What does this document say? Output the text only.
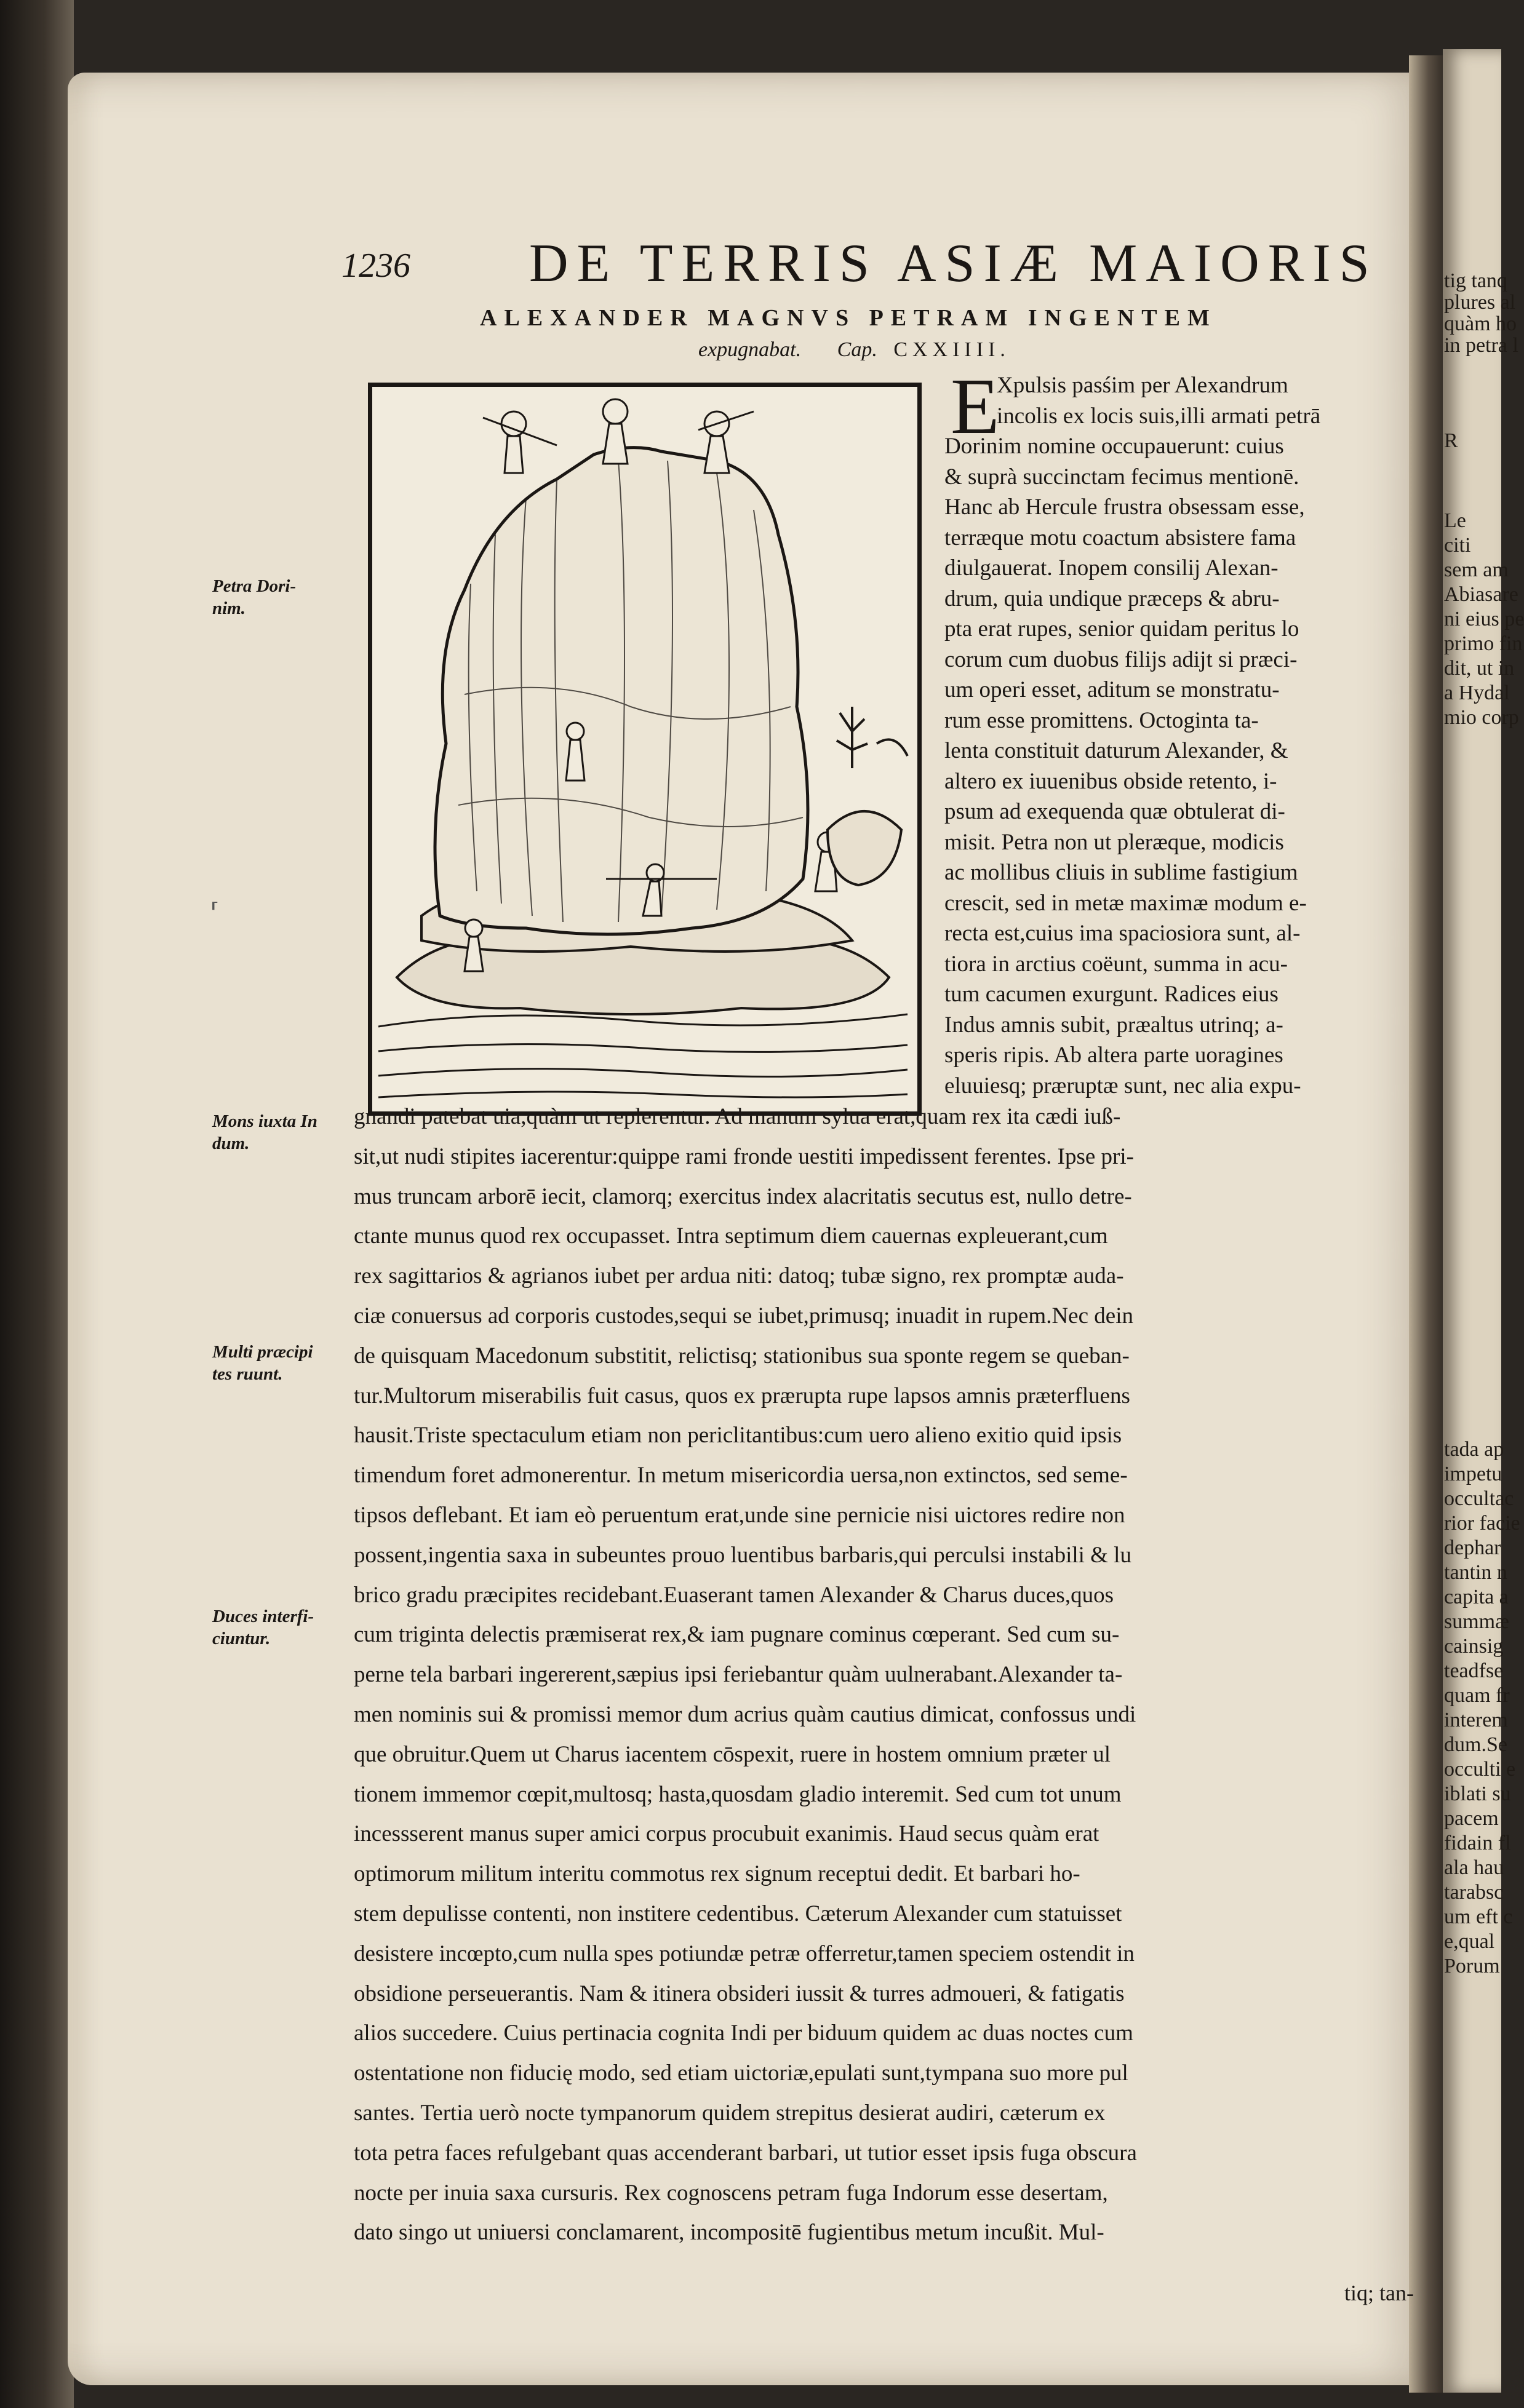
tig tanq
plures al
quàm ho
in petra l
R
Le
citi
sem am
Abiasare
ni eius pe
primo fin
dit, ut in
a Hydal
mio corp
tada ap
impetu
occultac
rior facie
dephar
tantin n
capita a
summæ
cainsig
teadfse
quam fr
interem
dum.Se
occulti e
iblati su
pacem
fidain fl
ala hau
tarabsc
um eft c
e,qual
Porum
1236 DE TERRIS ASIÆ MAIORIS
ALEXANDER MAGNVS PETRAM INGENTEM
expugnabat. Cap. CXXIIII.
E
Xpulsis pasśim per Alexandrum
incolis ex locis suis,illi armati petrā
Dorinim nomine occupauerunt: cuius
& suprà succinctam fecimus mentionē.
Hanc ab Hercule frustra obsessam esse,
terræque motu coactum absistere fama
diulgauerat. Inopem consilij Alexan-
drum, quia undique præceps & abru-
pta erat rupes, senior quidam peritus lo
corum cum duobus filijs adijt si præci-
um operi esset, aditum se monstratu-
rum esse promittens. Octoginta ta-
lenta constituit daturum Alexander, &
altero ex iuuenibus obside retento, i-
psum ad exequenda quæ obtulerat di-
misit. Petra non ut pleræque, modicis
ac mollibus cliuis in sublime fastigium
crescit, sed in metæ maximæ modum e-
recta est,cuius ima spaciosiora sunt, al-
tiora in arctius coëunt, summa in acu-
tum cacumen exurgunt. Radices eius
Indus amnis subit, præaltus utrinq; a-
speris ripis. Ab altera parte uoragines
eluuiesq; præruptæ sunt, nec alia expu-
gnandi patebat uia,quàm ut replerentur. Ad manum sylua erat,quam rex ita cædi iuß-
sit,ut nudi stipites iacerentur:quippe rami fronde uestiti impedissent ferentes. Ipse pri-
mus truncam arborē iecit, clamorq; exercitus index alacritatis secutus est, nullo detre-
ctante munus quod rex occupasset. Intra septimum diem cauernas expleuerant,cum
rex sagittarios & agrianos iubet per ardua niti: datoq; tubæ signo, rex promptæ auda-
ciæ conuersus ad corporis custodes,sequi se iubet,primusq; inuadit in rupem.Nec dein
de quisquam Macedonum substitit, relictisq; stationibus sua sponte regem se queban-
tur.Multorum miserabilis fuit casus, quos ex prærupta rupe lapsos amnis præterfluens
hausit.Triste spectaculum etiam non periclitantibus:cum uero alieno exitio quid ipsis
timendum foret admonerentur. In metum misericordia uersa,non extinctos, sed seme-
tipsos deflebant. Et iam eò peruentum erat,unde sine pernicie nisi uictores redire non
possent,ingentia saxa in subeuntes prouo luentibus barbaris,qui perculsi instabili & lu
brico gradu præcipites recidebant.Euaserant tamen Alexander & Charus duces,quos
cum triginta delectis præmiserat rex,& iam pugnare cominus cœperant. Sed cum su-
perne tela barbari ingererent,sæpius ipsi feriebantur quàm uulnerabant.Alexander ta-
men nominis sui & promissi memor dum acrius quàm cautius dimicat, confossus undi
que obruitur.Quem ut Charus iacentem cōspexit, ruere in hostem omnium præter ul
tionem immemor cœpit,multosq; hasta,quosdam gladio interemit. Sed cum tot unum
incessserent manus super amici corpus procubuit exanimis. Haud secus quàm erat
optimorum militum interitu commotus rex signum receptui dedit. Et barbari ho-
stem depulisse contenti, non institere cedentibus. Cæterum Alexander cum statuisset
desistere incœpto,cum nulla spes potiundæ petræ offerretur,tamen speciem ostendit in
obsidione perseuerantis. Nam & itinera obsideri iussit & turres admoueri, & fatigatis
alios succedere. Cuius pertinacia cognita Indi per biduum quidem ac duas noctes cum
ostentatione non fiducię modo, sed etiam uictoriæ,epulati sunt,tympana suo more pul
santes. Tertia uerò nocte tympanorum quidem strepitus desierat audiri, cæterum ex
tota petra faces refulgebant quas accenderant barbari, ut tutior esset ipsis fuga obscura
nocte per inuia saxa cursuris. Rex cognoscens petram fuga Indorum esse desertam,
dato singo ut uniuersi conclamarent, incompositē fugientibus metum incußit. Mul-
Petra Dori-
nim.
Mons iuxta In
dum.
Multi præcipi
tes ruunt.
Duces interfi-
ciuntur.
⸢
tiq; tan-
